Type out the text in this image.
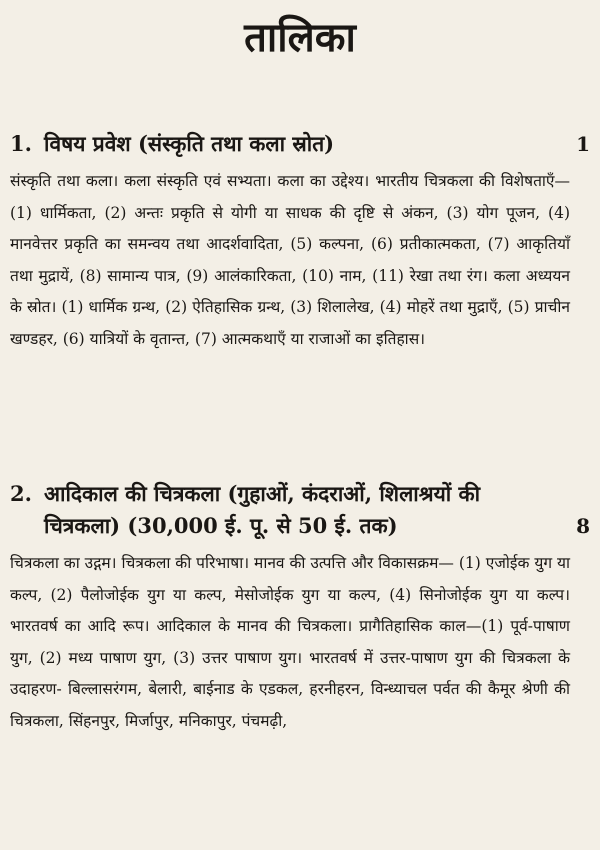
तालिका
1. विषय प्रवेश (संस्कृति तथा कला स्रोत)	1
संस्कृति तथा कला। कला संस्कृति एवं सभ्यता। कला का उद्देश्य। भारतीय चित्रकला की विशेषताएँ—(1) धार्मिकता, (2) अन्तः प्रकृति से योगी या साधक की दृष्टि से अंकन, (3) योग पूजन, (4) मानवेत्तर प्रकृति का समन्वय तथा आदर्शवादिता, (5) कल्पना, (6) प्रतीकात्मकता, (7) आकृतियाँ तथा मुद्रायें, (8) सामान्य पात्र, (9) आलंकारिकता, (10) नाम, (11) रेखा तथा रंग। कला अध्ययन के स्रोत। (1) धार्मिक ग्रन्थ, (2) ऐतिहासिक ग्रन्थ, (3) शिलालेख, (4) मोहरें तथा मुद्राएँ, (5) प्राचीन खण्डहर, (6) यात्रियों के वृतान्त, (7) आत्मकथाएँ या राजाओं का इतिहास।
2. आदिकाल की चित्रकला (गुहाओं, कंदराओं, शिलाश्रयों की चित्रकला) (30,000 ई. पू. से 50 ई. तक)	8
चित्रकला का उद्गम। चित्रकला की परिभाषा। मानव की उत्पत्ति और विकासक्रम— (1) एजोईक युग या कल्प, (2) पैलोजोईक युग या कल्प, मेसोजोईक युग या कल्प, (4) सिनोजोईक युग या कल्प। भारतवर्ष का आदि रूप। आदिकाल के मानव की चित्रकला। प्रागैतिहासिक काल—(1) पूर्व-पाषाण युग, (2) मध्य पाषाण युग, (3) उत्तर पाषाण युग। भारतवर्ष में उत्तर-पाषाण युग की चित्रकला के उदाहरण- बिल्लासरंगम, बेलारी, बाईनाड के एडकल, हरनीहरन, विन्ध्याचल पर्वत की कैमूर श्रेणी की चित्रकला, सिंहनपुर, मिर्जापुर, मनिकापुर, पंचमढ़ी,
